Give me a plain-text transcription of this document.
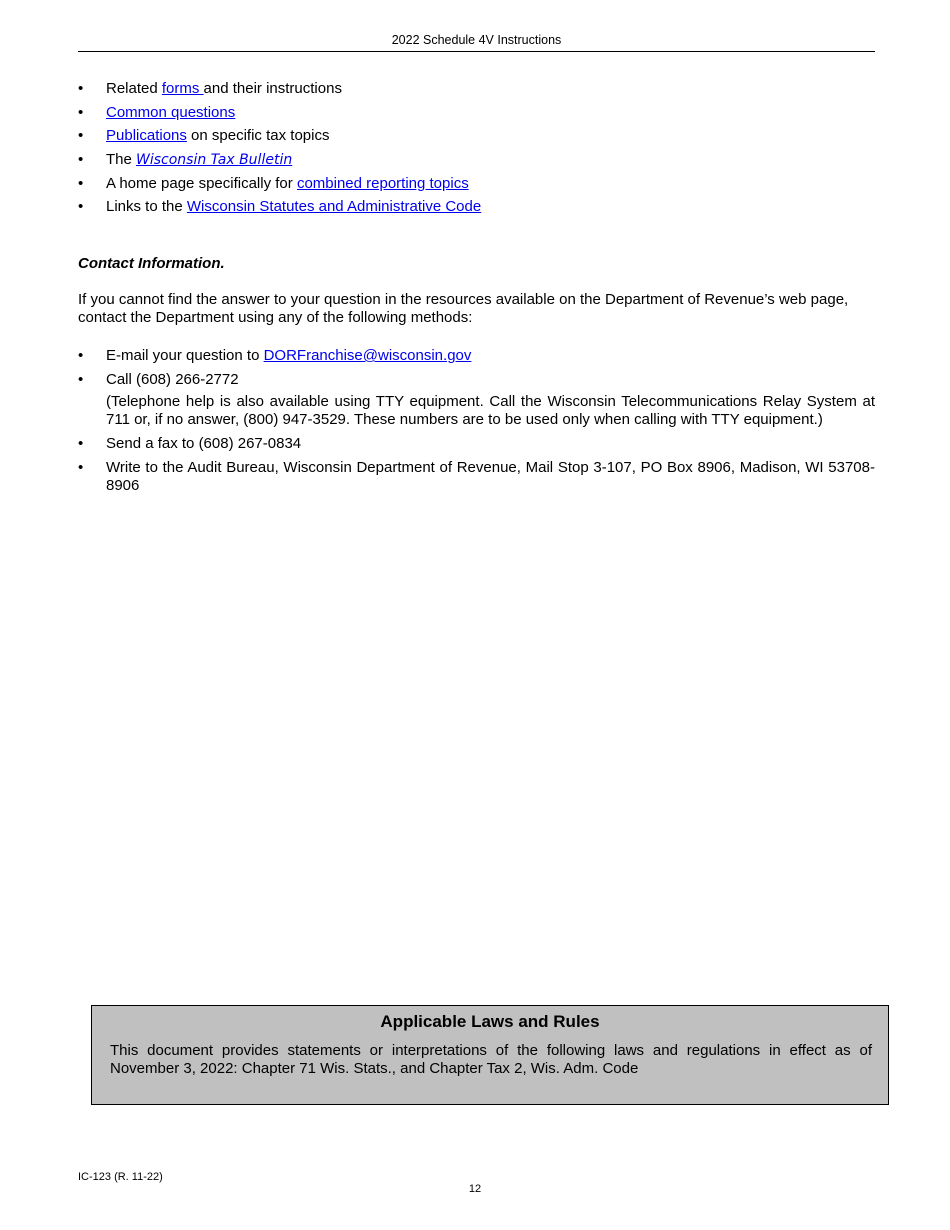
2022 Schedule 4V Instructions
• Related forms and their instructions
• Common questions
• Publications on specific tax topics
• The Wisconsin Tax Bulletin
• A home page specifically for combined reporting topics
• Links to the Wisconsin Statutes and Administrative Code
Contact Information.
If you cannot find the answer to your question in the resources available on the Department of Revenue’s web page, contact the Department using any of the following methods:
• E-mail your question to DORFranchise@wisconsin.gov
• Call (608) 266-2772
(Telephone help is also available using TTY equipment. Call the Wisconsin Telecommunications Relay System at 711 or, if no answer, (800) 947-3529. These numbers are to be used only when calling with TTY equipment.)
• Send a fax to (608) 267-0834
• Write to the Audit Bureau, Wisconsin Department of Revenue, Mail Stop 3-107, PO Box 8906, Madison, WI 53708-8906
Applicable Laws and Rules
This document provides statements or interpretations of the following laws and regulations in effect as of November 3, 2022: Chapter 71 Wis. Stats., and Chapter Tax 2, Wis. Adm. Code
IC-123 (R. 11-22)
12
